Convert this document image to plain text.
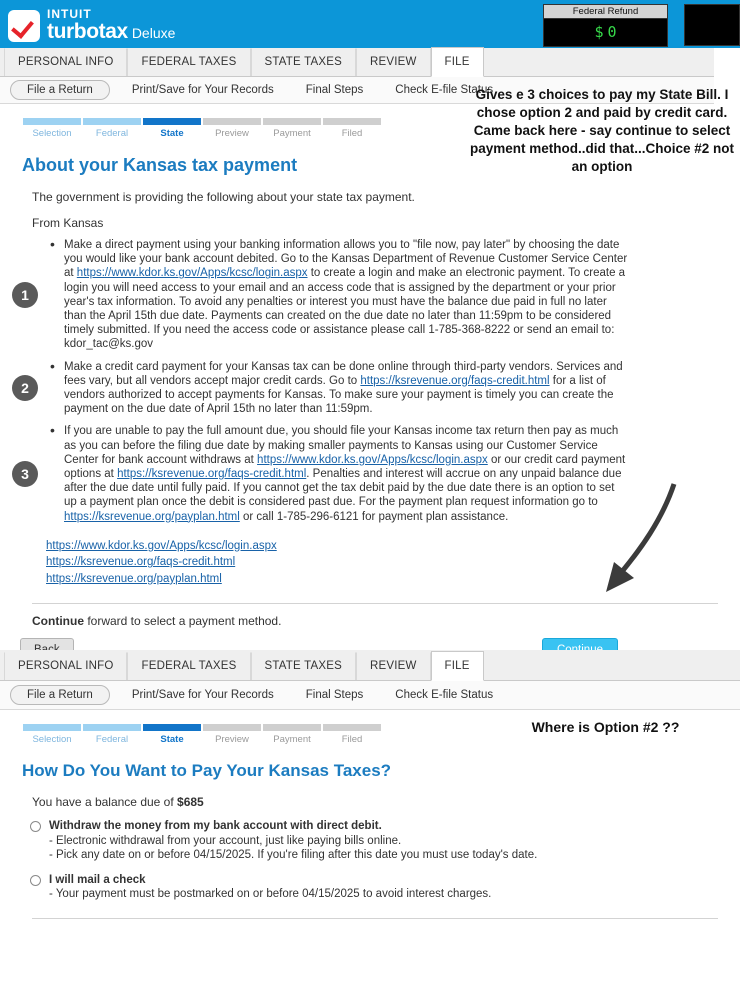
INTUIT
turbotax Deluxe
Federal Refund
$ 0
PERSONAL INFO	FEDERAL TAXES	STATE TAXES	REVIEW	FILE
File a Return	Print/Save for Your Records	Final Steps	Check E-file Status
Selection	Federal	State	Preview	Payment	Filed
About your Kansas tax payment

The government is providing the following about your state tax payment.

From Kansas

1
• Make a direct payment using your banking information allows you to "file now, pay later" by choosing the date you would like your bank account debited. Go to the Kansas Department of Revenue Customer Service Center at https://www.kdor.ks.gov/Apps/kcsc/login.aspx to create a login and make an electronic payment. To create a login you will need access to your email and an access code that is assigned by the department or your prior year's tax information. To avoid any penalties or interest you must have the balance due paid in full no later than the April 15th due date. Payments can created on the due date no later than 11:59pm to be considered timely submitted. If you need the access code or assistance please call 1-785-368-8222 or send an email to: kdor_tac@ks.gov
2
• Make a credit card payment for your Kansas tax can be done online through third-party vendors. Services and fees vary, but all vendors accept major credit cards. Go to https://ksrevenue.org/faqs-credit.html for a list of vendors authorized to accept payments for Kansas. To make sure your payment is timely you can create the payment on the due date of April 15th no later than 11:59pm.
3
• If you are unable to pay the full amount due, you should file your Kansas income tax return then pay as much as you can before the filing due date by making smaller payments to Kansas using our Customer Service Center for bank account withdraws at https://www.kdor.ks.gov/Apps/kcsc/login.aspx or our credit card payment options at https://ksrevenue.org/faqs-credit.html. Penalties and interest will accrue on any unpaid balance due after the due date until fully paid. If you cannot get the tax debit paid by the due date there is an option to set up a payment plan once the debit is considered past due. For the payment plan request information go to https://ksrevenue.org/payplan.html or call 1-785-296-6121 for payment plan assistance.
https://www.kdor.ks.gov/Apps/kcsc/login.aspx
https://ksrevenue.org/faqs-credit.html
https://ksrevenue.org/payplan.html
Continue forward to select a payment method.
Gives e 3 choices to pay my State Bill. I chose option 2 and paid by credit card. Came back here - say continue to select payment method..did that...Choice #2 not an option
Where is Option #2 ??
PERSONAL INFO	FEDERAL TAXES	STATE TAXES	REVIEW	FILE
File a Return	Print/Save for Your Records	Final Steps	Check E-file Status
Selection	Federal	State	Preview	Payment	Filed
How Do You Want to Pay Your Kansas Taxes?
You have a balance due of $685
Withdraw the money from my bank account with direct debit.
- Electronic withdrawal from your account, just like paying bills online.
- Pick any date on or before 04/15/2025. If you're filing after this date you must use today's date.
I will mail a check
- Your payment must be postmarked on or before 04/15/2025 to avoid interest charges.
